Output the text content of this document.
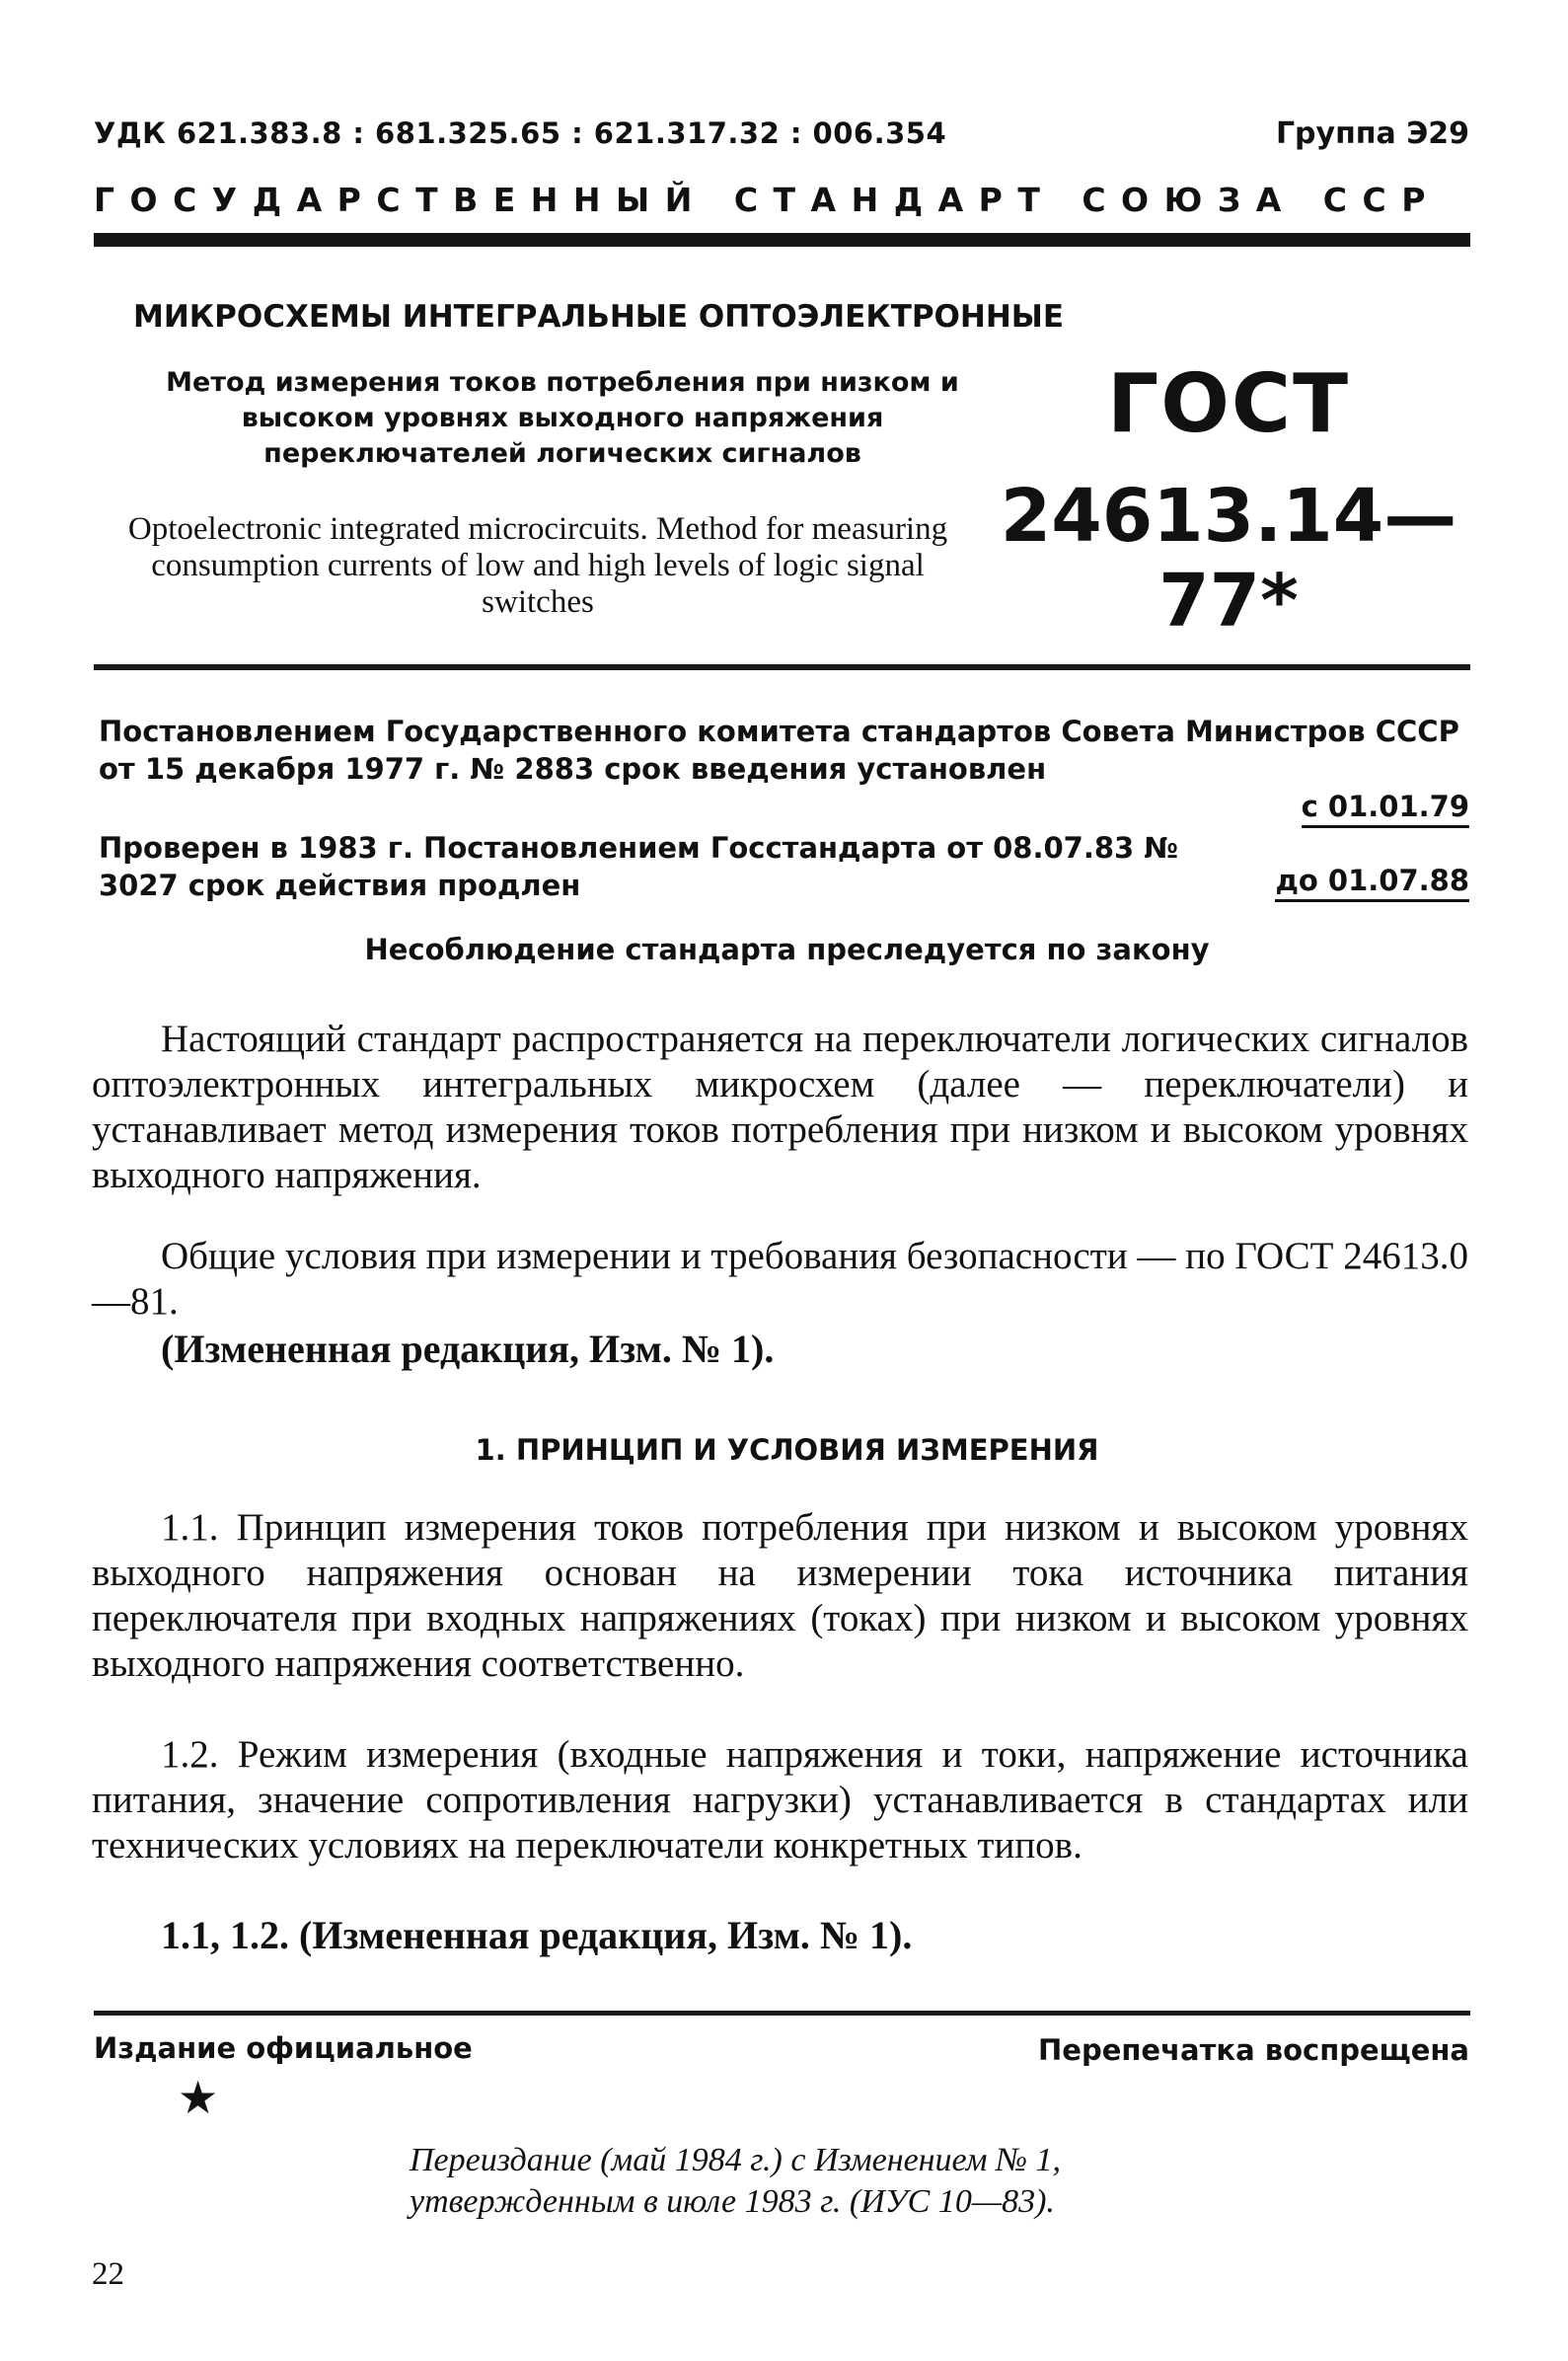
УДК 621.383.8 : 681.325.65 : 621.317.32 : 006.354	Группа Э29
ГОСУДАРСТВЕННЫЙ СТАНДАРТ СОЮЗА ССР
МИКРОСХЕМЫ ИНТЕГРАЛЬНЫЕ ОПТОЭЛЕКТРОННЫЕ
Метод измерения токов потребления при низком и высоком уровнях выходного напряжения переключателей логических сигналов
Optoelectronic integrated microcircuits. Method for measuring consumption currents of low and high levels of logic signal switches
ГОСТ
24613.14—77*
Постановлением Государственного комитета стандартов Совета Министров СССР от 15 декабря 1977 г. № 2883 срок введения установлен
с 01.01.79
Проверен в 1983 г. Постановлением Госстандарта от 08.07.83 № 3027 срок действия продлен	до 01.07.88
Несоблюдение стандарта преследуется по закону
Настоящий стандарт распространяется на переключатели логических сигналов оптоэлектронных интегральных микросхем (далее — переключатели) и устанавливает метод измерения токов потребления при низком и высоком уровнях выходного напряжения.
Общие условия при измерении и требования безопасности — по ГОСТ 24613.0—81.
(Измененная редакция, Изм. № 1).
1. ПРИНЦИП И УСЛОВИЯ ИЗМЕРЕНИЯ
1.1. Принцип измерения токов потребления при низком и высоком уровнях выходного напряжения основан на измерении тока источника питания переключателя при входных напряжениях (токах) при низком и высоком уровнях выходного напряжения соответственно.
1.2. Режим измерения (входные напряжения и токи, напряжение источника питания, значение сопротивления нагрузки) устанавливается в стандартах или технических условиях на переключатели конкретных типов.
1.1, 1.2. (Измененная редакция, Изм. № 1).
Издание официальное	Перепечатка воспрещена
★
Переиздание (май 1984 г.) с Изменением № 1, утвержденным в июле 1983 г. (ИУС 10—83).
22
